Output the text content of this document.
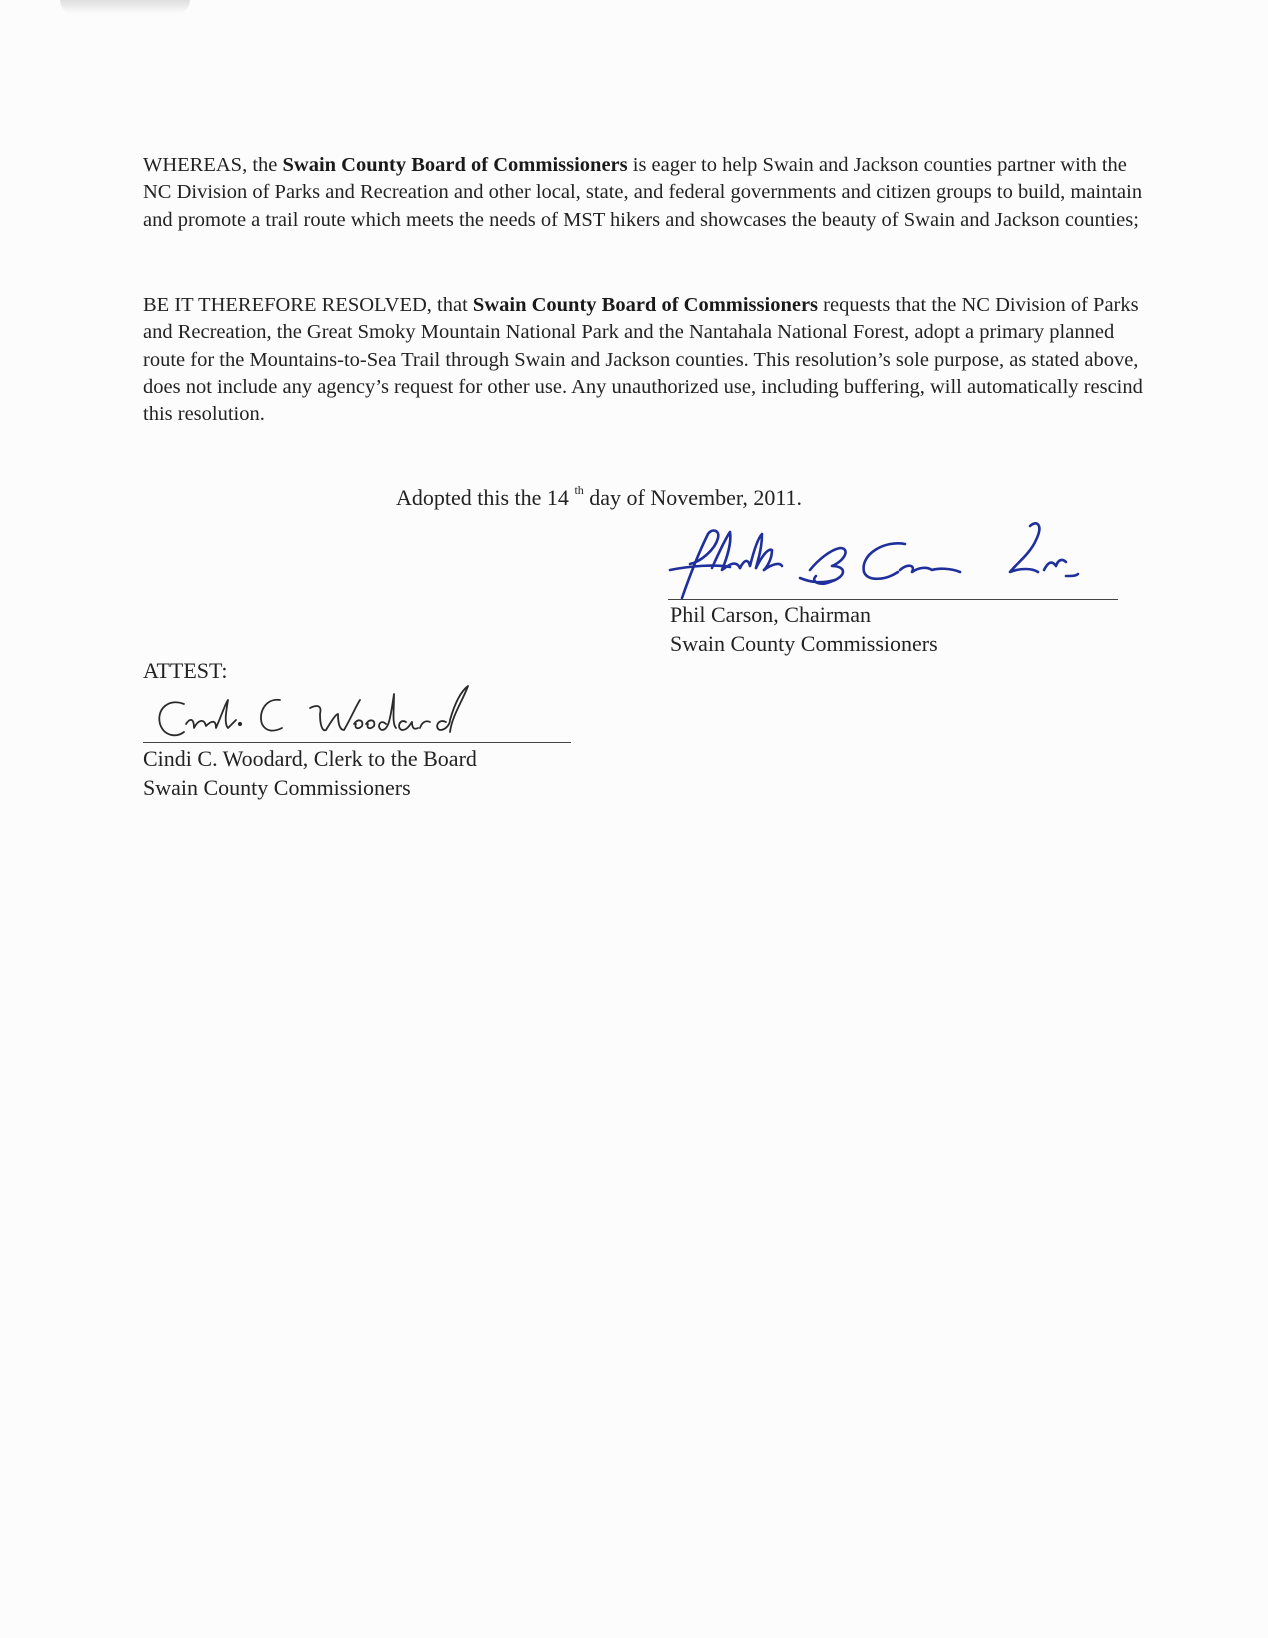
WHEREAS, the Swain County Board of Commissioners is eager to help Swain and Jackson counties partner with the NC Division of Parks and Recreation and other local, state, and federal governments and citizen groups to build, maintain and promote a trail route which meets the needs of MST hikers and showcases the beauty of Swain and Jackson counties;

BE IT THEREFORE RESOLVED, that Swain County Board of Commissioners requests that the NC Division of Parks and Recreation, the Great Smoky Mountain National Park and the Nantahala National Forest, adopt a primary planned route for the Mountains-to-Sea Trail through Swain and Jackson counties. This resolution’s sole purpose, as stated above, does not include any agency’s request for other use. Any unauthorized use, including buffering, will automatically rescind this resolution.

Adopted this the 14 $^{th}$ day of November, 2011.
Phil Carson, Chairman
Swain County Commissioners
ATTEST:
Cindi C. Woodard, Clerk to the Board
Swain County Commissioners
